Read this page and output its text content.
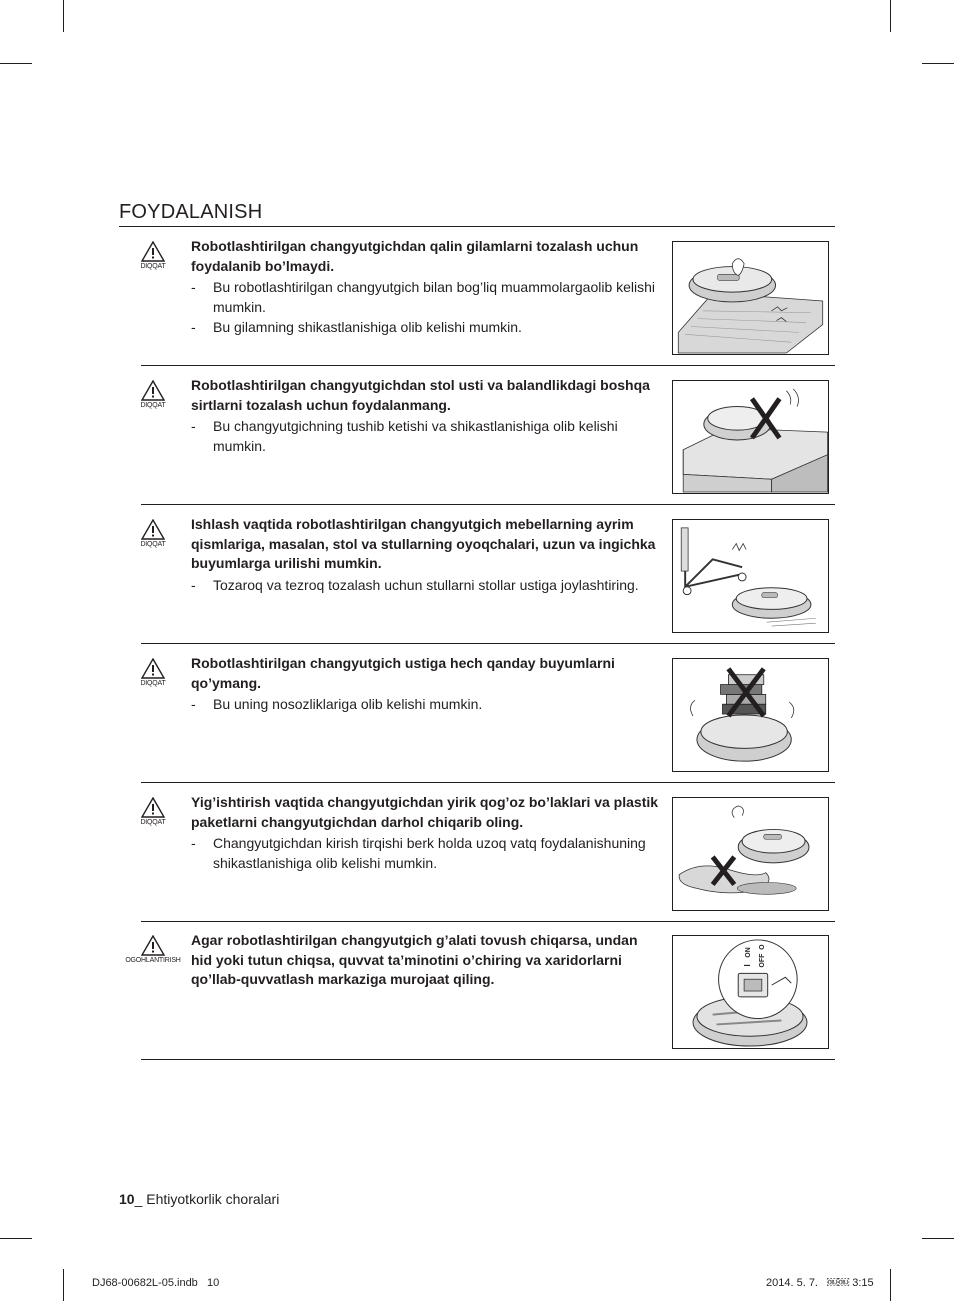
FOYDALANISH
DIQQAT
Robotlashtirilgan changyutgichdan qalin gilamlarni tozalash uchun foydalanib bo’lmaydi.
- Bu robotlashtirilgan changyutgich bilan bog’liq muammolargaolib kelishi mumkin.
- Bu gilamning shikastlanishiga olib kelishi mumkin.
DIQQAT
Robotlashtirilgan changyutgichdan stol usti va balandlikdagi boshqa sirtlarni tozalash uchun foydalanmang.
- Bu changyutgichning tushib ketishi va shikastlanishiga olib kelishi mumkin.
DIQQAT
Ishlash vaqtida robotlashtirilgan changyutgich mebellarning ayrim qismlariga, masalan, stol va stullarning oyoqchalari, uzun va ingichka buyumlarga urilishi mumkin.
- Tozaroq va tezroq tozalash uchun stullarni stollar ustiga joylashtiring.
DIQQAT
Robotlashtirilgan changyutgich ustiga hech qanday buyumlarni qo’ymang.
- Bu uning nosozliklariga olib kelishi mumkin.
DIQQAT
Yig’ishtirish vaqtida changyutgichdan yirik qog’oz bo’laklari va plastik paketlarni changyutgichdan darhol chiqarib oling.
- Changyutgichdan kirish tirqishi berk holda uzoq vatq foydalanishuning shikastlanishiga olib kelishi mumkin.
OGOHLANTIRISH
Agar robotlashtirilgan changyutgich g’alati tovush chiqarsa, undan hid yoki tutun chiqsa, quvvat ta’minotini o’chiring va xaridorlarni qo’llab-quvvatlash markaziga murojaat qiling.
ON
OFF
I
O
10_ Ehtiyotkorlik choralari
DJ68-00682L-05.indb   10	2014. 5. 7.   ￼￼ 3:15
